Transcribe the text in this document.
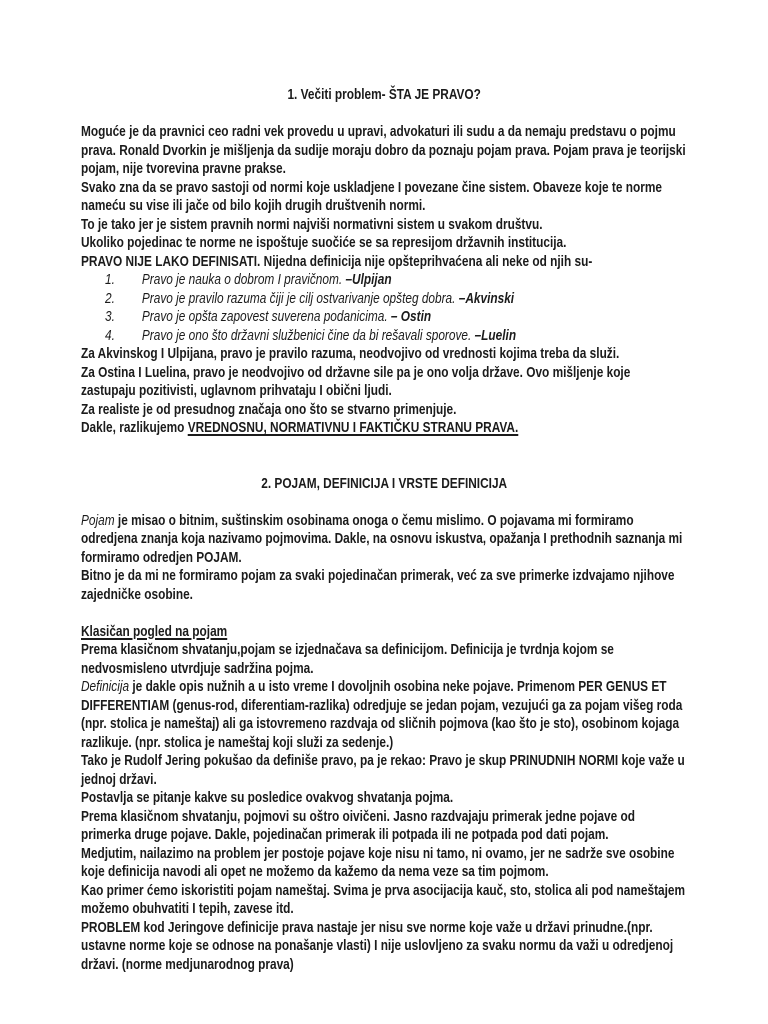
1. Večiti problem- ŠTA JE PRAVO?
Moguće je da pravnici ceo radni vek provedu u upravi, advokaturi ili sudu a da nemaju predstavu o pojmu prava. Ronald Dvorkin je mišljenja da sudije moraju dobro da poznaju pojam prava. Pojam prava je teorijski pojam, nije tvorevina pravne prakse.
Svako zna da se pravo sastoji od normi koje uskladjene I povezane čine sistem. Obaveze koje te norme nameću su vise ili jače od bilo kojih drugih društvenih normi.
To je tako jer je sistem pravnih normi najviši normativni sistem u svakom društvu.
Ukoliko pojedinac te norme ne ispoštuje suočiće se sa represijom državnih institucija.
PRAVO NIJE LAKO DEFINISATI. Nijedna definicija nije opšteprihvaćena ali neke od njih su-
1. Pravo je nauka o dobrom I pravičnom. –Ulpijan
2. Pravo je pravilo razuma čiji je cilj ostvarivanje opšteg dobra. –Akvinski
3. Pravo je opšta zapovest suverena podanicima. – Ostin
4. Pravo je ono što državni službenici čine da bi rešavali sporove. –Luelin
Za Akvinskog I Ulpijana, pravo je pravilo razuma, neodvojivo od vrednosti kojima treba da služi.
Za Ostina I Luelina, pravo je neodvojivo od državne sile pa je ono volja države. Ovo mišljenje koje zastupaju pozitivisti, uglavnom prihvataju I obični ljudi.
Za realiste je od presudnog značaja ono što se stvarno primenjuje.
Dakle, razlikujemo VREDNOSNU, NORMATIVNU I FAKTIČKU STRANU PRAVA.
2. POJAM, DEFINICIJA I VRSTE DEFINICIJA
Pojam je misao o bitnim, suštinskim osobinama onoga o čemu mislimo. O pojavama mi formiramo odredjena znanja koja nazivamo pojmovima. Dakle, na osnovu iskustva, opažanja I prethodnih saznanja mi formiramo odredjen POJAM.
Bitno je da mi ne formiramo pojam za svaki pojedinačan primerak, već za sve primerke izdvajamo njihove zajedničke osobine.
Klasičan pogled na pojam
Prema klasičnom shvatanju,pojam se izjednačava sa definicijom. Definicija je tvrdnja kojom se nedvosmisleno utvrdjuje sadržina pojma.
Definicija je dakle opis nužnih a u isto vreme I dovoljnih osobina neke pojave. Primenom PER GENUS ET DIFFERENTIAM (genus-rod, diferentiam-razlika) odredjuje se jedan pojam, vezujući ga za pojam višeg roda (npr. stolica je nameštaj) ali ga istovremeno razdvaja od sličnih pojmova (kao što je sto), osobinom kojaga razlikuje. (npr. stolica je nameštaj koji služi za sedenje.)
Tako je Rudolf Jering pokušao da definiše pravo, pa je rekao: Pravo je skup PRINUDNIH NORMI koje važe u jednoj državi.
Postavlja se pitanje kakve su posledice ovakvog shvatanja pojma.
Prema klasičnom shvatanju, pojmovi su oštro oivičeni. Jasno razdvajaju primerak jedne pojave od primerka druge pojave. Dakle, pojedinačan primerak ili potpada ili ne potpada pod dati pojam.
Medjutim, nailazimo na problem jer postoje pojave koje nisu ni tamo, ni ovamo, jer ne sadrže sve osobine koje definicija navodi ali opet ne možemo da kažemo da nema veze sa tim pojmom.
Kao primer ćemo iskoristiti pojam nameštaj. Svima je prva asocijacija kauč, sto, stolica ali pod nameštajem možemo obuhvatiti I tepih, zavese itd.
PROBLEM kod Jeringove definicije prava nastaje jer nisu sve norme koje važe u državi prinudne.(npr. ustavne norme koje se odnose na ponašanje vlasti) I nije uslovljeno za svaku normu da važi u odredjenoj državi. (norme medjunarodnog prava)
